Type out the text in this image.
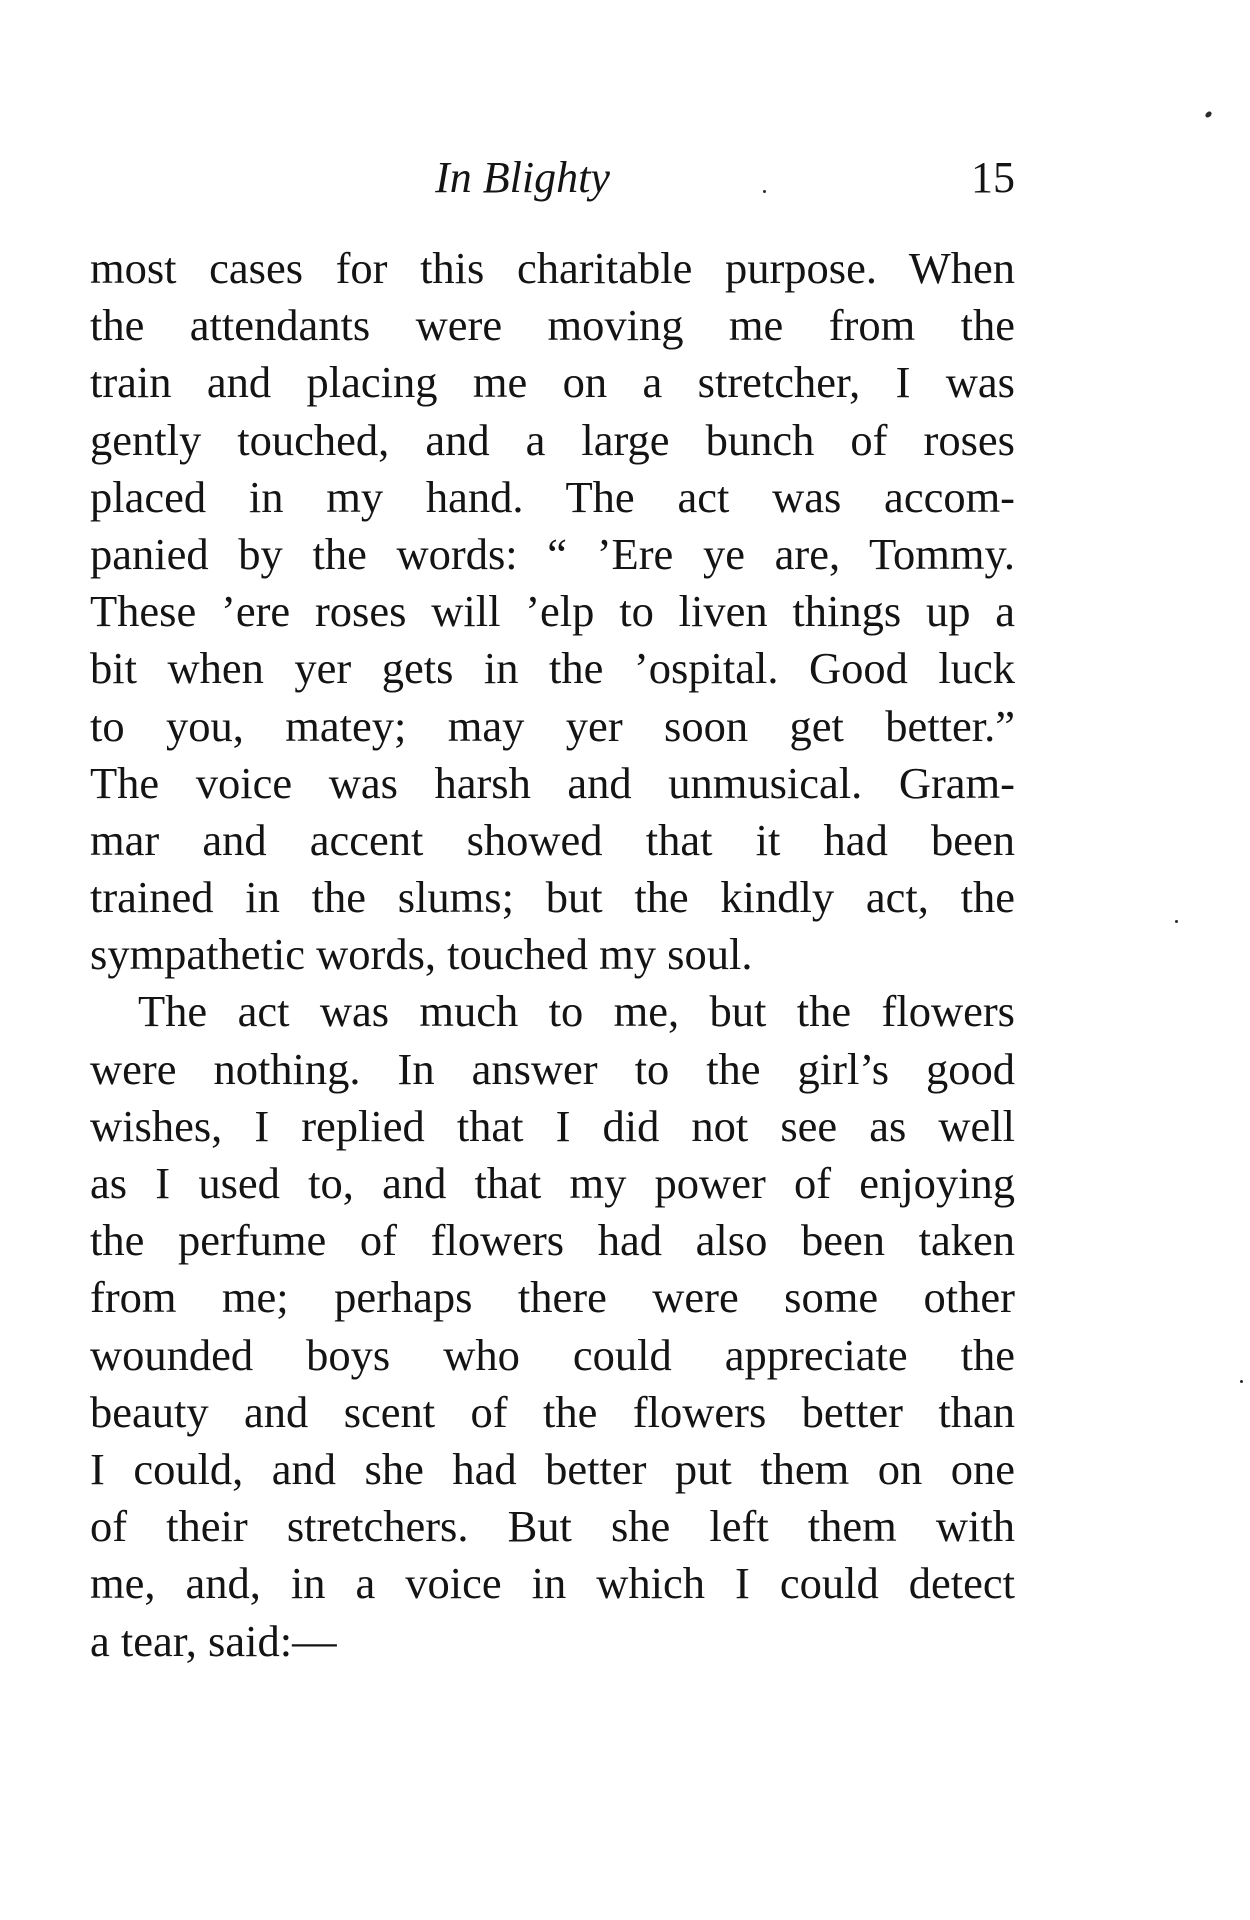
In Blighty	15
most cases for this charitable purpose. When
the attendants were moving me from the
train and placing me on a stretcher, I was
gently touched, and a large bunch of roses
placed in my hand. The act was accom-
panied by the words: “ ’Ere ye are, Tommy.
These ’ere roses will ’elp to liven things up a
bit when yer gets in the ’ospital. Good luck
to you, matey; may yer soon get better.”
The voice was harsh and unmusical. Gram-
mar and accent showed that it had been
trained in the slums; but the kindly act, the
sympathetic words, touched my soul.
The act was much to me, but the flowers
were nothing. In answer to the girl’s good
wishes, I replied that I did not see as well
as I used to, and that my power of enjoying
the perfume of flowers had also been taken
from me; perhaps there were some other
wounded boys who could appreciate the
beauty and scent of the flowers better than
I could, and she had better put them on one
of their stretchers. But she left them with
me, and, in a voice in which I could detect
a tear, said:—
